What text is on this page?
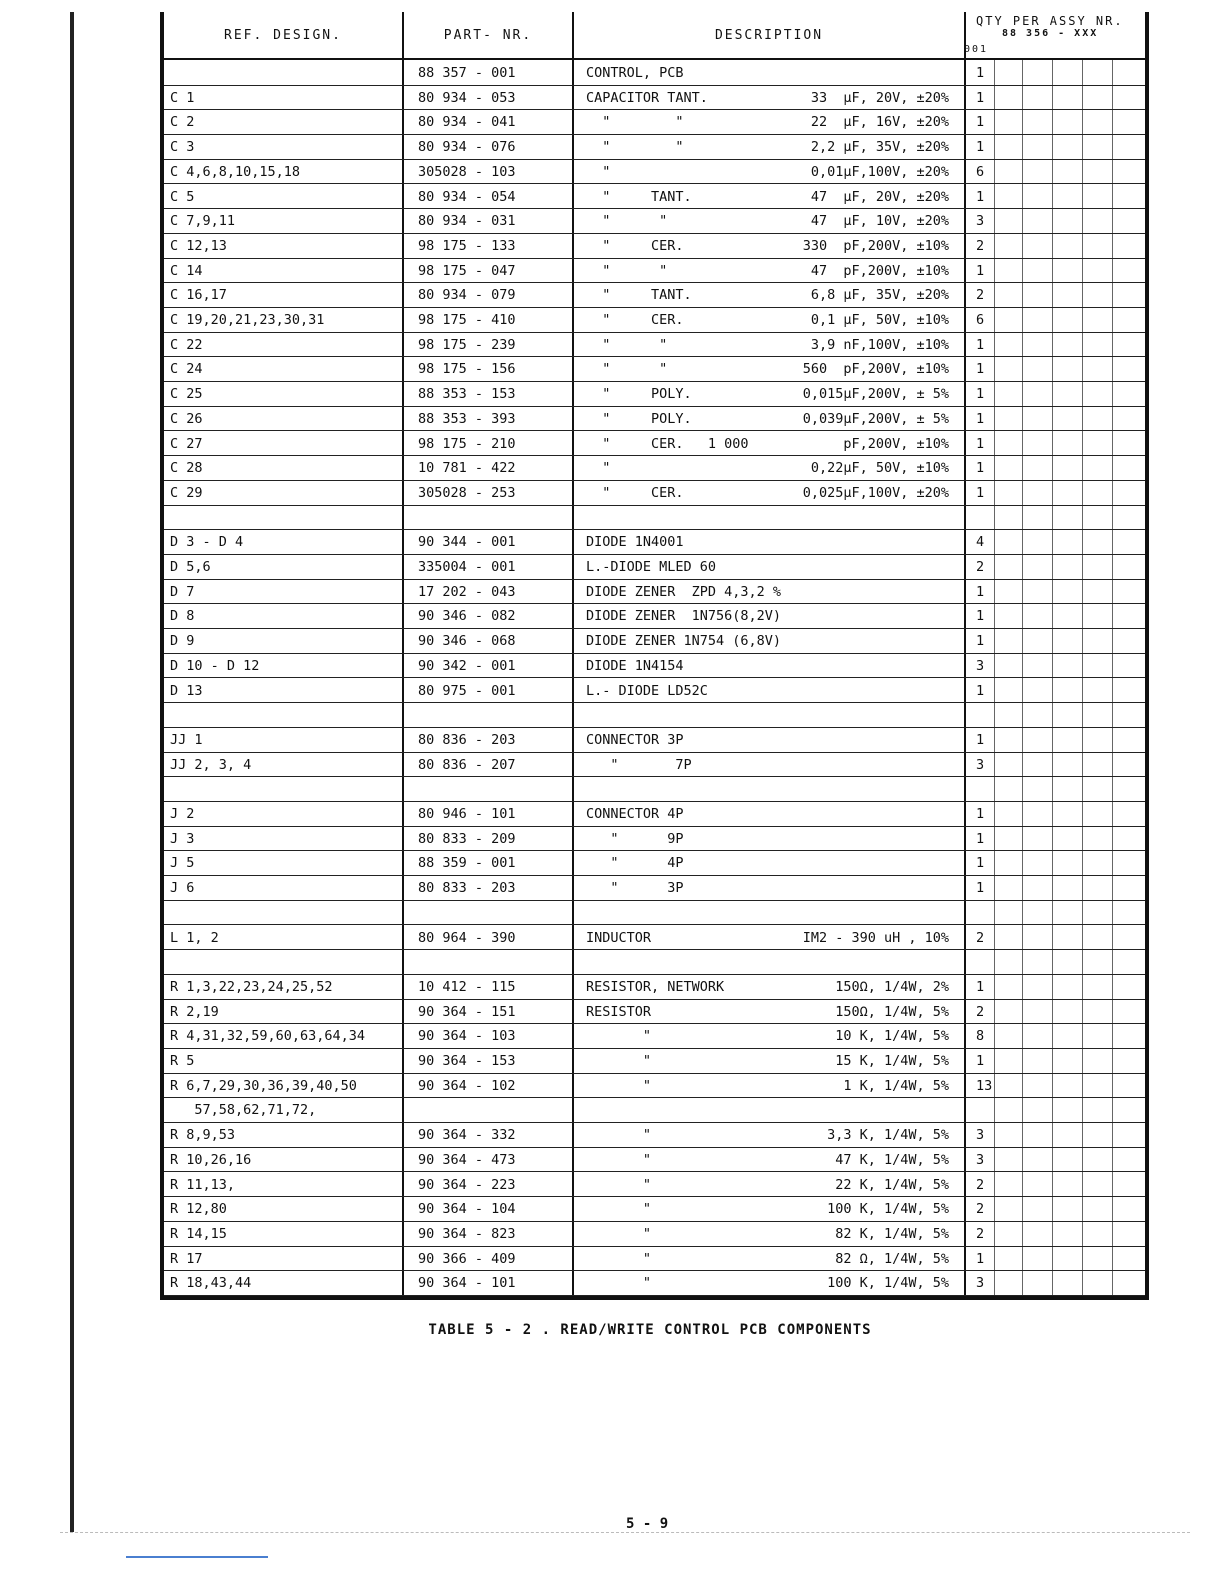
REF. DESIGN.	PART- NR.	DESCRIPTION
QTY PER ASSY NR.
88 356 - XXX
001
88 357 - 001	CONTROL, PCB	1
C 1	80 934 - 053	CAPACITOR TANT.	33  µF, 20V, ±20% 1
C 2	80 934 - 041	"        "	22  µF, 16V, ±20% 1
C 3	80 934 - 076	"        "	2,2 µF, 35V, ±20% 1
C 4,6,8,10,15,18	305028 - 103	"	0,01µF,100V, ±20% 6
C 5	80 934 - 054	"     TANT.	47  µF, 20V, ±20% 1
C 7,9,11	80 934 - 031	"      "	47  µF, 10V, ±20% 3
C 12,13	98 175 - 133	"     CER.	330  pF,200V, ±10% 2
C 14	98 175 - 047	"      "	47  pF,200V, ±10% 1
C 16,17	80 934 - 079	"     TANT.	6,8 µF, 35V, ±20% 2
C 19,20,21,23,30,31	98 175 - 410	"     CER.	0,1 µF, 50V, ±10% 6
C 22	98 175 - 239	"      "	3,9 nF,100V, ±10% 1
C 24	98 175 - 156	"      "	560  pF,200V, ±10% 1
C 25	88 353 - 153	"     POLY.	0,015µF,200V, ± 5% 1
C 26	88 353 - 393	"     POLY.	0,039µF,200V, ± 5% 1
C 27	98 175 - 210	"     CER.   1 000	pF,200V, ±10% 1
C 28	10 781 - 422	"	0,22µF, 50V, ±10% 1
C 29	305028 - 253	"     CER.	0,025µF,100V, ±20% 1
D 3 - D 4	90 344 - 001	DIODE 1N4001	4
D 5,6	335004 - 001	L.-DIODE MLED 60	2
D 7	17 202 - 043	DIODE ZENER  ZPD 4,3,2 %	1
D 8	90 346 - 082	DIODE ZENER  1N756(8,2V)	1
D 9	90 346 - 068	DIODE ZENER 1N754 (6,8V)	1
D 10 - D 12	90 342 - 001	DIODE 1N4154	3
D 13	80 975 - 001	L.- DIODE LD52C	1
JJ 1	80 836 - 203	CONNECTOR 3P	1
JJ 2, 3, 4	80 836 - 207	"       7P	3
J 2	80 946 - 101	CONNECTOR 4P	1
J 3	80 833 - 209	"      9P	1
J 5	88 359 - 001	"      4P	1
J 6	80 833 - 203	"      3P	1
L 1, 2	80 964 - 390	INDUCTOR	IM2 - 390 uH , 10% 2
R 1,3,22,23,24,25,52	10 412 - 115	RESISTOR, NETWORK	150Ω, 1/4W, 2% 1
R 2,19	90 364 - 151	RESISTOR	150Ω, 1/4W, 5% 2
R 4,31,32,59,60,63,64,34	90 364 - 103	"	10 K, 1/4W, 5% 8
R 5	90 364 - 153	"	15 K, 1/4W, 5% 1
R 6,7,29,30,36,39,40,50	90 364 - 102	"	1 K, 1/4W, 5% 13
57,58,62,71,72,
R 8,9,53	90 364 - 332	"	3,3 K, 1/4W, 5% 3
R 10,26,16	90 364 - 473	"	47 K, 1/4W, 5% 3
R 11,13,	90 364 - 223	"	22 K, 1/4W, 5% 2
R 12,80	90 364 - 104	"	100 K, 1/4W, 5% 2
R 14,15	90 364 - 823	"	82 K, 1/4W, 5% 2
R 17	90 366 - 409	"	82 Ω, 1/4W, 5% 1
R 18,43,44	90 364 - 101	"	100 K, 1/4W, 5% 3
TABLE 5 - 2 . READ/WRITE CONTROL PCB COMPONENTS
5 - 9
